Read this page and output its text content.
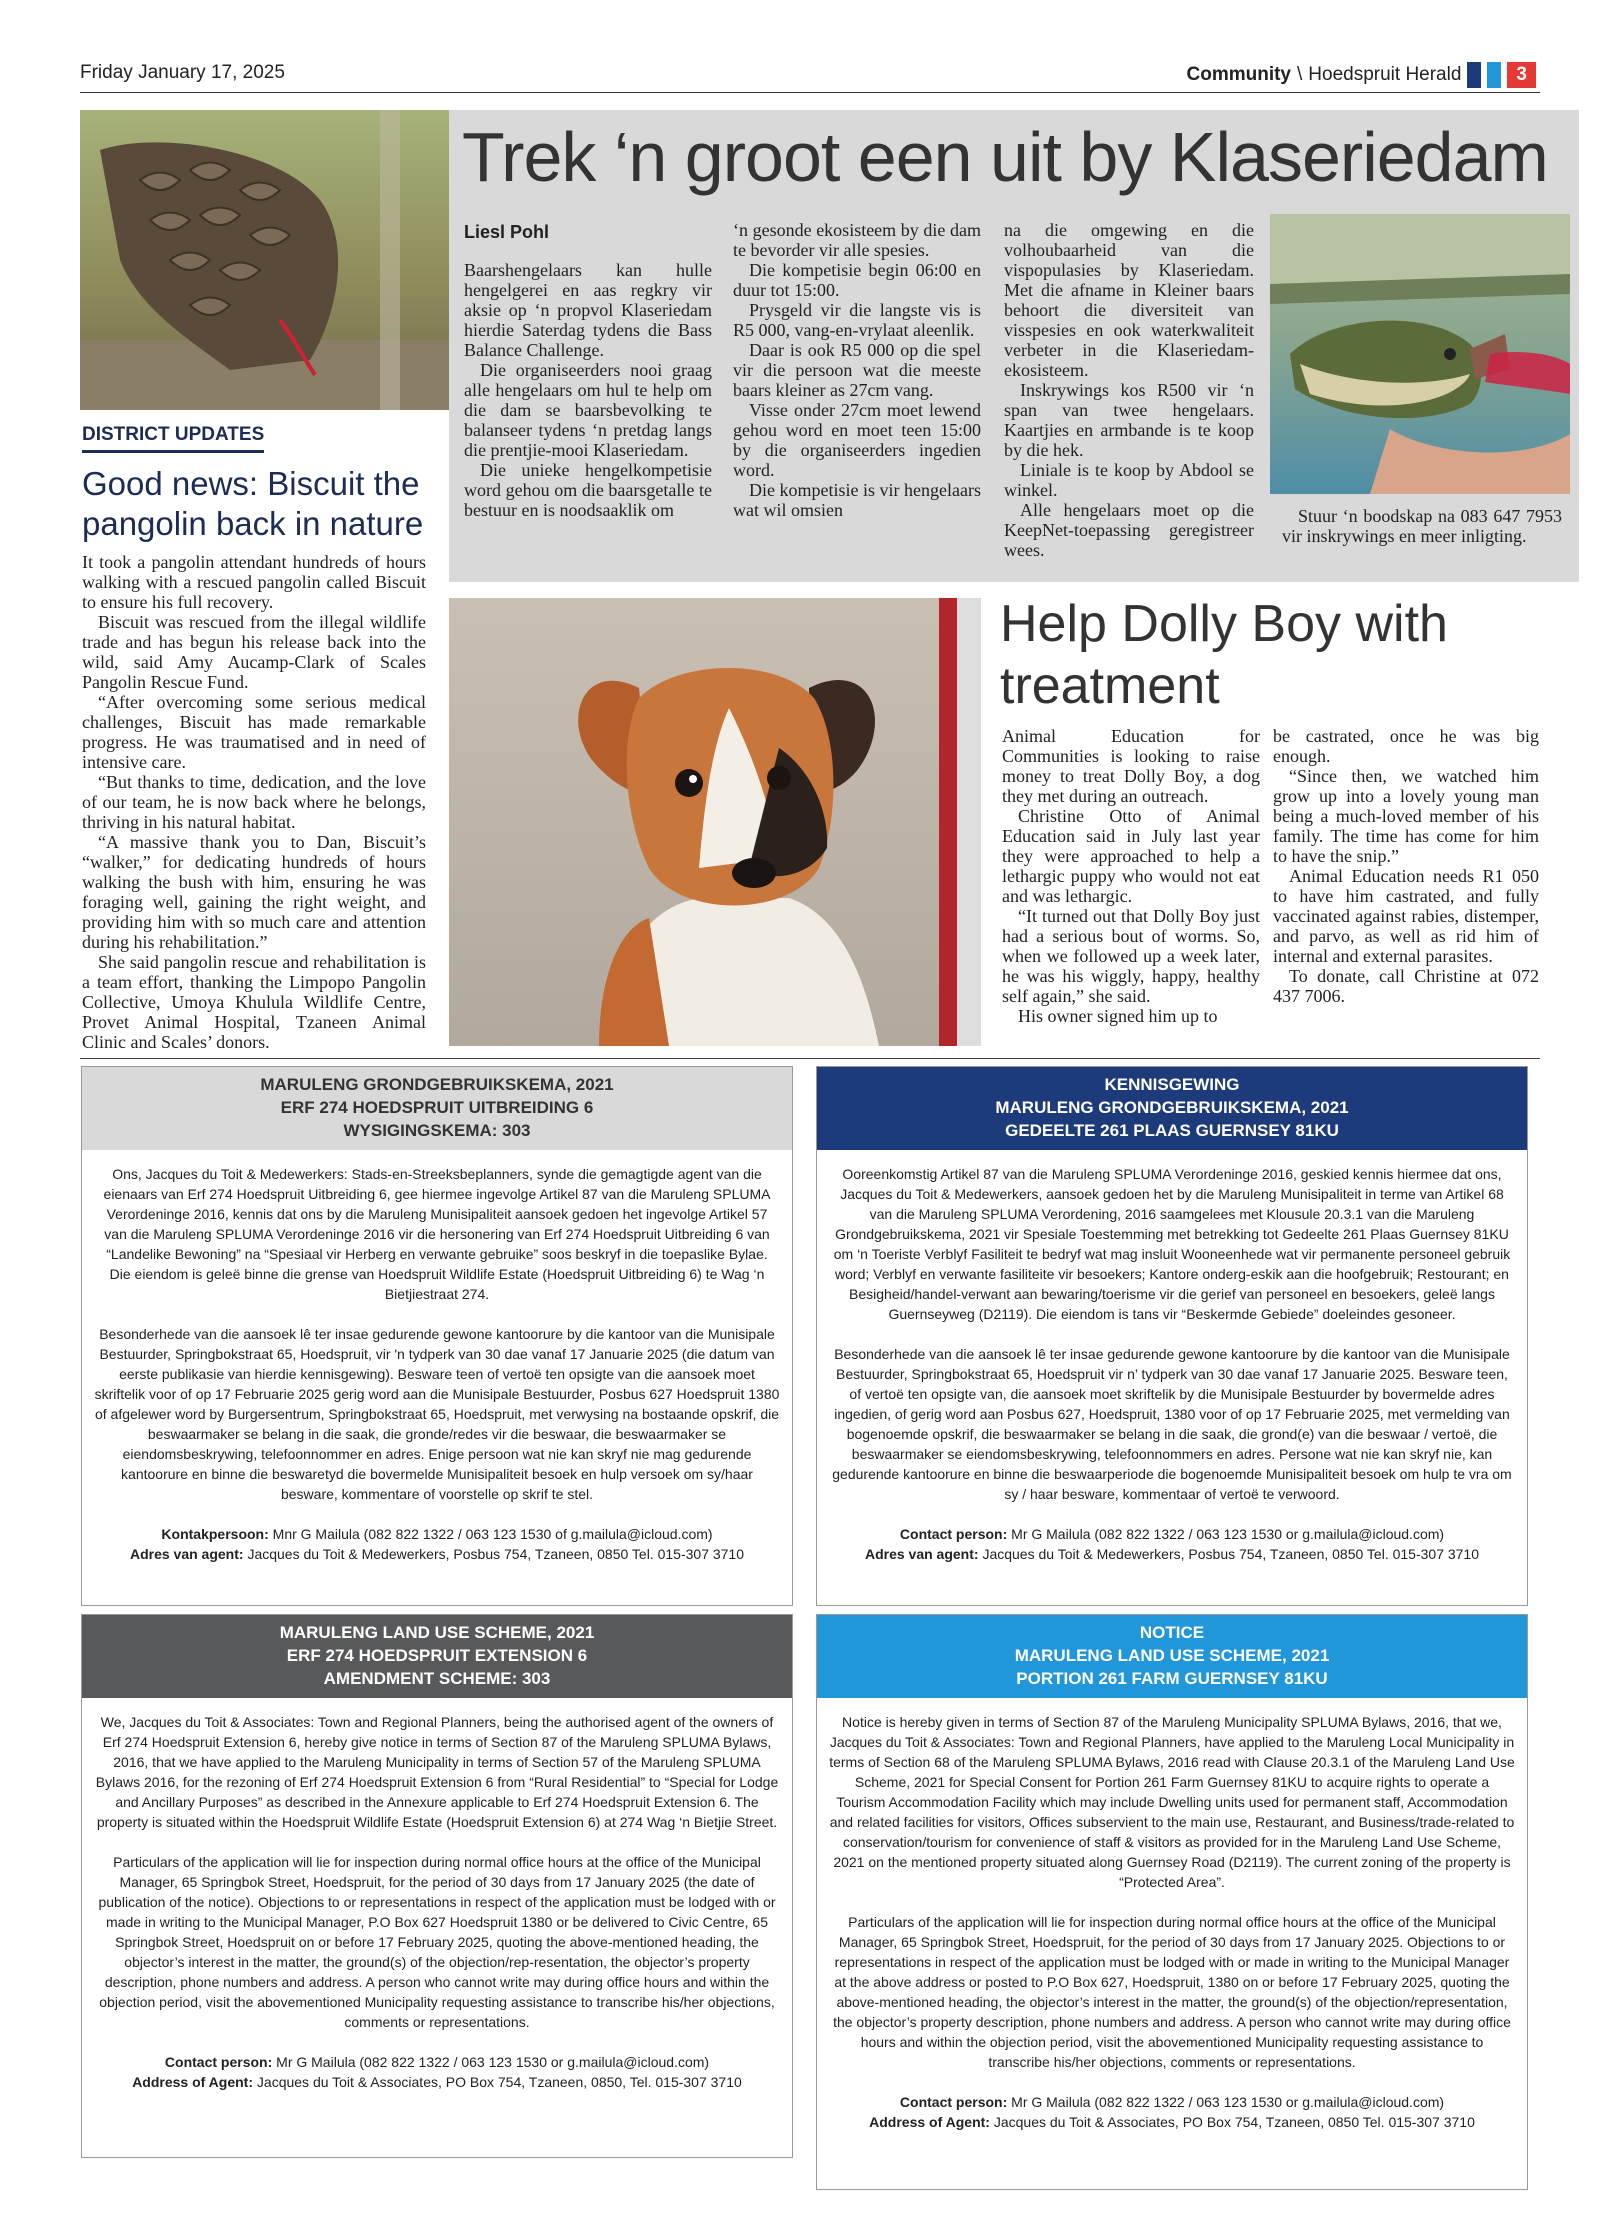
Friday January 17, 2025	Community \ Hoedspruit Herald	3
DISTRICT UPDATES
Good news: Biscuit the pangolin back in nature

It took a pangolin attendant hundreds of hours walking with a rescued pangolin called Biscuit to ensure his full recovery.

Biscuit was rescued from the illegal wildlife trade and has begun his release back into the wild, said Amy Aucamp-Clark of Scales Pangolin Rescue Fund.

“After overcoming some serious medical challenges, Biscuit has made remarkable progress. He was traumatised and in need of intensive care.

“But thanks to time, dedication, and the love of our team, he is now back where he belongs, thriving in his natural habitat.

“A massive thank you to Dan, Biscuit’s “walker,” for dedicating hundreds of hours walking the bush with him, ensuring he was foraging well, gaining the right weight, and providing him with so much care and attention during his rehabilitation.”

She said pangolin rescue and rehabilitation is a team effort, thanking the Limpopo Pangolin Collective, Umoya Khulula Wildlife Centre, Provet Animal Hospital, Tzaneen Animal Clinic and Scales’ donors.

Trek ‘n groot een uit by Klaseriedam
Liesl Pohl

Baarshengelaars kan hulle hengelgerei en aas regkry vir aksie op ‘n propvol Klaseriedam hierdie Saterdag tydens die Bass Balance Challenge.

Die organiseerders nooi graag alle hengelaars om hul te help om die dam se baarsbevolking te balanseer tydens ‘n pretdag langs die prentjie-mooi Klaseriedam.

Die unieke hengelkompetisie word gehou om die baarsgetalle te bestuur en is noodsaaklik om

‘n gesonde ekosisteem by die dam te bevorder vir alle spesies.

Die kompetisie begin 06:00 en duur tot 15:00.

Prysgeld vir die langste vis is R5 000, vang-en-vrylaat aleenlik.

Daar is ook R5 000 op die spel vir die persoon wat die meeste baars kleiner as 27cm vang.

Visse onder 27cm moet lewend gehou word en moet teen 15:00 by die organiseerders ingedien word.

Die kompetisie is vir hengelaars wat wil omsien

na die omgewing en die volhoubaarheid van die vispopulasies by Klaseriedam. Met die afname in Kleiner baars behoort die diversiteit van visspesies en ook waterkwaliteit verbeter in die Klaseriedam-ekosisteem.

Inskrywings kos R500 vir ‘n span van twee hengelaars. Kaartjies en armbande is te koop by die hek.

Liniale is te koop by Abdool se winkel.

Alle hengelaars moet op die KeepNet-toepassing geregistreer wees.

Stuur ‘n boodskap na 083 647 7953 vir inskrywings en meer inligting.

Help Dolly Boy with treatment

Animal Education for Communities is looking to raise money to treat Dolly Boy, a dog they met during an outreach.

Christine Otto of Animal Education said in July last year they were approached to help a lethargic puppy who would not eat and was lethargic.

“It turned out that Dolly Boy just had a serious bout of worms. So, when we followed up a week later, he was his wiggly, happy, healthy self again,” she said.

His owner signed him up to

be castrated, once he was big enough.

“Since then, we watched him grow up into a lovely young man being a much-loved member of his family. The time has come for him to have the snip.”

Animal Education needs R1 050 to have him castrated, and fully vaccinated against rabies, distemper, and parvo, as well as rid him of internal and external parasites.

To donate, call Christine at 072 437 7006.

MARULENG GRONDGEBRUIKSKEMA, 2021
ERF 274 HOEDSPRUIT UITBREIDING 6
WYSIGINGSKEMA: 303

Ons, Jacques du Toit & Medewerkers: Stads-en-Streeksbeplanners, synde die gemagtigde agent van die eienaars van Erf 274 Hoedspruit Uitbreiding 6, gee hiermee ingevolge Artikel 87 van die Maruleng SPLUMA Verordeninge 2016, kennis dat ons by die Maruleng Munisipaliteit aansoek gedoen het ingevolge Artikel 57 van die Maruleng SPLUMA Verordeninge 2016 vir die hersonering van Erf 274 Hoedspruit Uitbreiding 6 van “Landelike Bewoning” na “Spesiaal vir Herberg en verwante gebruike” soos beskryf in die toepaslike Bylae. Die eiendom is geleë binne die grense van Hoedspruit Wildlife Estate (Hoedspruit Uitbreiding 6) te Wag ‘n Bietjiestraat 274.

Besonderhede van die aansoek lê ter insae gedurende gewone kantoorure by die kantoor van die Munisipale Bestuurder, Springbokstraat 65, Hoedspruit, vir 'n tydperk van 30 dae vanaf 17 Januarie 2025 (die datum van eerste publikasie van hierdie kennisgewing). Besware teen of vertoë ten opsigte van die aansoek moet skriftelik voor of op 17 Februarie 2025 gerig word aan die Munisipale Bestuurder, Posbus 627 Hoedspruit 1380 of afgelewer word by Burgersentrum, Springbokstraat 65, Hoedspruit, met verwysing na bostaande opskrif, die beswaarmaker se belang in die saak, die gronde/redes vir die beswaar, die beswaarmaker se eiendomsbeskrywing, telefoonnommer en adres. Enige persoon wat nie kan skryf nie mag gedurende kantoorure en binne die beswaretyd die bovermelde Munisipaliteit besoek en hulp versoek om sy/haar besware, kommentare of voorstelle op skrif te stel.

Kontakpersoon: Mnr G Mailula (082 822 1322 / 063 123 1530 of g.mailula@icloud.com)
Adres van agent: Jacques du Toit & Medewerkers, Posbus 754, Tzaneen, 0850 Tel. 015-307 3710
KENNISGEWING
MARULENG GRONDGEBRUIKSKEMA, 2021
GEDEELTE 261 PLAAS GUERNSEY 81KU

Ooreenkomstig Artikel 87 van die Maruleng SPLUMA Verordeninge 2016, geskied kennis hiermee dat ons, Jacques du Toit & Medewerkers, aansoek gedoen het by die Maruleng Munisipaliteit in terme van Artikel 68 van die Maruleng SPLUMA Verordening, 2016 saamgelees met Klousule 20.3.1 van die Maruleng Grondgebruikskema, 2021 vir Spesiale Toestemming met betrekking tot Gedeelte 261 Plaas Guernsey 81KU om ‘n Toeriste Verblyf Fasiliteit te bedryf wat mag insluit Wooneenhede wat vir permanente personeel gebruik word; Verblyf en verwante fasiliteite vir besoekers; Kantore onderg-eskik aan die hoofgebruik; Restourant; en Besigheid/handel-verwant aan bewaring/toerisme vir die gerief van personeel en besoekers, geleë langs Guernseyweg (D2119). Die eiendom is tans vir “Beskermde Gebiede” doeleindes gesoneer.

Besonderhede van die aansoek lê ter insae gedurende gewone kantoorure by die kantoor van die Munisipale Bestuurder, Springbokstraat 65, Hoedspruit vir n’ tydperk van 30 dae vanaf 17 Januarie 2025. Besware teen, of vertoë ten opsigte van, die aansoek moet skriftelik by die Munisipale Bestuurder by bovermelde adres ingedien, of gerig word aan Posbus 627, Hoedspruit, 1380 voor of op 17 Februarie 2025, met vermelding van bogenoemde opskrif, die beswaarmaker se belang in die saak, die grond(e) van die beswaar / vertoë, die beswaarmaker se eiendomsbeskrywing, telefoonnommers en adres. Persone wat nie kan skryf nie, kan gedurende kantoorure en binne die beswaarperiode die bogenoemde Munisipaliteit besoek om hulp te vra om sy / haar besware, kommentaar of vertoë te verwoord.

Contact person: Mr G Mailula (082 822 1322 / 063 123 1530 or g.mailula@icloud.com)
Adres van agent: Jacques du Toit & Medewerkers, Posbus 754, Tzaneen, 0850 Tel. 015-307 3710
MARULENG LAND USE SCHEME, 2021
ERF 274 HOEDSPRUIT EXTENSION 6
AMENDMENT SCHEME: 303

We, Jacques du Toit & Associates: Town and Regional Planners, being the authorised agent of the owners of Erf 274 Hoedspruit Extension 6, hereby give notice in terms of Section 87 of the Maruleng SPLUMA Bylaws, 2016, that we have applied to the Maruleng Municipality in terms of Section 57 of the Maruleng SPLUMA Bylaws 2016, for the rezoning of Erf 274 Hoedspruit Extension 6 from “Rural Residential” to “Special for Lodge and Ancillary Purposes” as described in the Annexure applicable to Erf 274 Hoedspruit Extension 6. The property is situated within the Hoedspruit Wildlife Estate (Hoedspruit Extension 6) at 274 Wag ‘n Bietjie Street.

Particulars of the application will lie for inspection during normal office hours at the office of the Municipal Manager, 65 Springbok Street, Hoedspruit, for the period of 30 days from 17 January 2025 (the date of publication of the notice). Objections to or representations in respect of the application must be lodged with or made in writing to the Municipal Manager, P.O Box 627 Hoedspruit 1380 or be delivered to Civic Centre, 65 Springbok Street, Hoedspruit on or before 17 February 2025, quoting the above-mentioned heading, the objector’s interest in the matter, the ground(s) of the objection/rep-resentation, the objector’s property description, phone numbers and address. A person who cannot write may during office hours and within the objection period, visit the abovementioned Municipality requesting assistance to transcribe his/her objections, comments or representations.

Contact person: Mr G Mailula (082 822 1322 / 063 123 1530 or g.mailula@icloud.com)
Address of Agent: Jacques du Toit & Associates, PO Box 754, Tzaneen, 0850, Tel. 015-307 3710
NOTICE
MARULENG LAND USE SCHEME, 2021
PORTION 261 FARM GUERNSEY 81KU

Notice is hereby given in terms of Section 87 of the Maruleng Municipality SPLUMA Bylaws, 2016, that we, Jacques du Toit & Associates: Town and Regional Planners, have applied to the Maruleng Local Municipality in terms of Section 68 of the Maruleng SPLUMA Bylaws, 2016 read with Clause 20.3.1 of the Maruleng Land Use Scheme, 2021 for Special Consent for Portion 261 Farm Guernsey 81KU to acquire rights to operate a Tourism Accommodation Facility which may include Dwelling units used for permanent staff, Accommodation and related facilities for visitors, Offices subservient to the main use, Restaurant, and Business/trade-related to conservation/tourism for convenience of staff & visitors as provided for in the Maruleng Land Use Scheme, 2021 on the mentioned property situated along Guernsey Road (D2119). The current zoning of the property is “Protected Area”.

Particulars of the application will lie for inspection during normal office hours at the office of the Municipal Manager, 65 Springbok Street, Hoedspruit, for the period of 30 days from 17 January 2025. Objections to or representations in respect of the application must be lodged with or made in writing to the Municipal Manager at the above address or posted to P.O Box 627, Hoedspruit, 1380 on or before 17 February 2025, quoting the above-mentioned heading, the objector’s interest in the matter, the ground(s) of the objection/representation, the objector’s property description, phone numbers and address. A person who cannot write may during office hours and within the objection period, visit the abovementioned Municipality requesting assistance to transcribe his/her objections, comments or representations.

Contact person: Mr G Mailula (082 822 1322 / 063 123 1530 or g.mailula@icloud.com)
Address of Agent: Jacques du Toit & Associates, PO Box 754, Tzaneen, 0850 Tel. 015-307 3710
